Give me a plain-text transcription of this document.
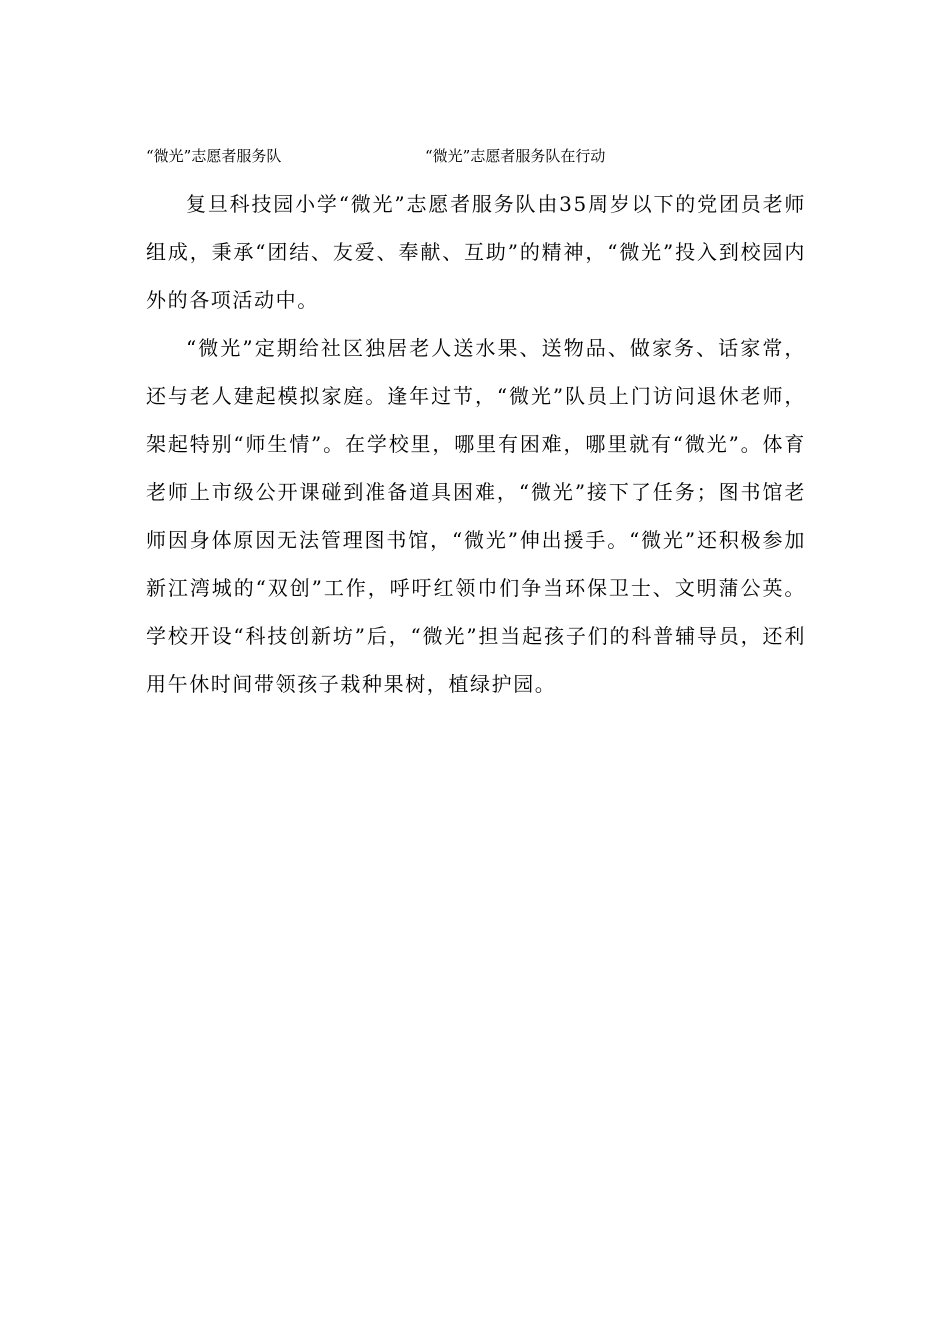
“微光”志愿者服务队	“微光”志愿者服务队在行动

复旦科技园小学“微光”志愿者服务队由35周岁以下的党团员老师组成，秉承“团结、友爱、奉献、互助”的精神，“微光”投入到校园内外的各项活动中。

“微光”定期给社区独居老人送水果、送物品、做家务、话家常，还与老人建起模拟家庭。逢年过节，“微光”队员上门访问退休老师，架起特别“师生情”。在学校里，哪里有困难，哪里就有“微光”。体育老师上市级公开课碰到准备道具困难，“微光”接下了任务；图书馆老师因身体原因无法管理图书馆，“微光”伸出援手。“微光”还积极参加新江湾城的“双创”工作，呼吁红领巾们争当环保卫士、文明蒲公英。学校开设“科技创新坊”后，“微光”担当起孩子们的科普辅导员，还利用午休时间带领孩子栽种果树，植绿护园。
